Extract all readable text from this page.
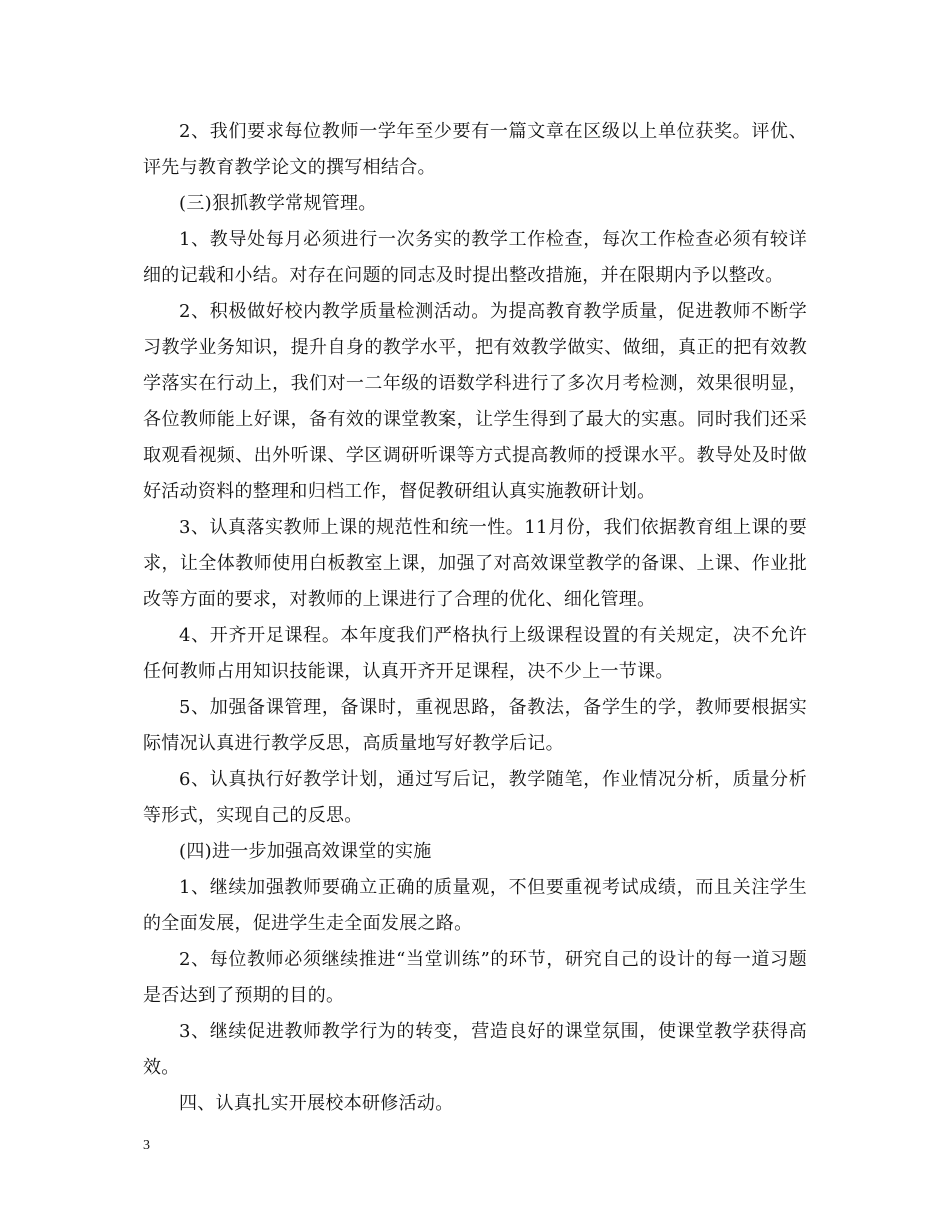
2、我们要求每位教师一学年至少要有一篇文章在区级以上单位获奖。评优、评先与教育教学论文的撰写相结合。

(三)狠抓教学常规管理。

1、教导处每月必须进行一次务实的教学工作检查，每次工作检查必须有较详细的记载和小结。对存在问题的同志及时提出整改措施，并在限期内予以整改。

2、积极做好校内教学质量检测活动。为提高教育教学质量，促进教师不断学习教学业务知识，提升自身的教学水平，把有效教学做实、做细，真正的把有效教学落实在行动上，我们对一二年级的语数学科进行了多次月考检测，效果很明显，各位教师能上好课，备有效的课堂教案，让学生得到了最大的实惠。同时我们还采取观看视频、出外听课、学区调研听课等方式提高教师的授课水平。教导处及时做好活动资料的整理和归档工作，督促教研组认真实施教研计划。

3、认真落实教师上课的规范性和统一性。11月份，我们依据教育组上课的要求，让全体教师使用白板教室上课，加强了对高效课堂教学的备课、上课、作业批改等方面的要求，对教师的上课进行了合理的优化、细化管理。

4、开齐开足课程。本年度我们严格执行上级课程设置的有关规定，决不允许任何教师占用知识技能课，认真开齐开足课程，决不少上一节课。

5、加强备课管理，备课时，重视思路，备教法，备学生的学，教师要根据实际情况认真进行教学反思，高质量地写好教学后记。

6、认真执行好教学计划，通过写后记，教学随笔，作业情况分析，质量分析等形式，实现自己的反思。

(四)进一步加强高效课堂的实施

1、继续加强教师要确立正确的质量观，不但要重视考试成绩，而且关注学生的全面发展，促进学生走全面发展之路。

2、每位教师必须继续推进“当堂训练”的环节，研究自己的设计的每一道习题是否达到了预期的目的。

3、继续促进教师教学行为的转变，营造良好的课堂氛围，使课堂教学获得高效。

四、认真扎实开展校本研修活动。

3
